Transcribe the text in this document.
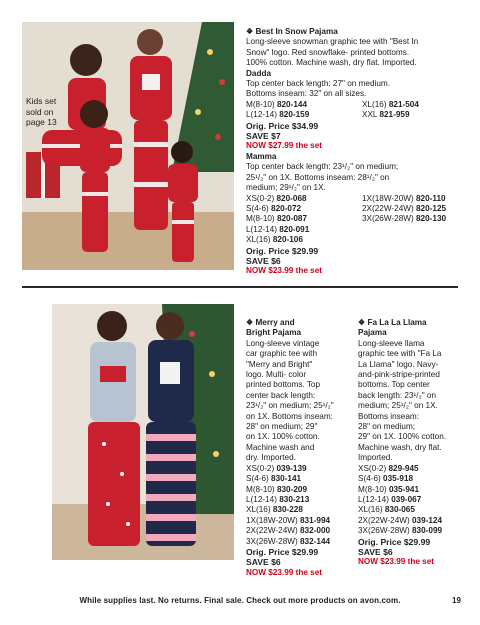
Kids set
sold on
page 13
❖ Best In Snow Pajama
Long-sleeve snowman graphic tee with "Best In
Snow" logo. Red snowflake- printed bottoms.
100% cotton. Machine wash, dry flat. Imported.
Dadda
Top center back length: 27" on medium.
Bottoms inseam: 32" on all sizes.
M(8-10) 820-144
L(12-14) 820-159
XL(16) 821-504
XXL 821-959
Orig. Price $34.99
SAVE $7
NOW $27.99 the set
Mamma
Top center back length: 23¹/₂" on medium;
25¹/₂" on 1X. Bottoms inseam: 28¹/₂" on
medium; 29¹/₂" on 1X.
XS(0-2) 820-068
S(4-6) 820-072
M(8-10) 820-087
L(12-14) 820-091
XL(16) 820-106
1X(18W-20W) 820-110
2X(22W-24W) 820-125
3X(26W-28W) 820-130
Orig. Price $29.99
SAVE $6
NOW $23.99 the set
❖ Merry and
Bright Pajama
Long-sleeve vintage
car graphic tee with
"Merry and Bright"
logo. Multi- color
printed bottoms. Top
center back length:
23¹/₂" on medium; 25¹/₂"
on 1X. Bottoms inseam:
28" on medium; 29"
on 1X. 100% cotton.
Machine wash and
dry. Imported.
XS(0-2) 039-139
S(4-6) 830-141
M(8-10) 830-209
L(12-14) 830-213
XL(16) 830-228
1X(18W-20W) 831-994
2X(22W-24W) 832-000
3X(26W-28W) 832-144
Orig. Price $29.99
SAVE $6
NOW $23.99 the set
❖ Fa La La Llama
Pajama
Long-sleeve llama
graphic tee with "Fa La
La Llama" logo. Navy-
and-pink-stripe-printed
bottoms. Top center
back length: 23¹/₂" on
medium; 25¹/₂" on 1X.
Bottoms inseam:
28" on medium;
29" on 1X. 100% cotton.
Machine wash, dry flat.
Imported.
XS(0-2) 829-945
S(4-6) 035-918
M(8-10) 035-941
L(12-14) 039-067
XL(16) 830-065
2X(22W-24W) 039-124
3X(26W-28W) 830-099
Orig. Price $29.99
SAVE $6
NOW $23.99 the set
While supplies last. No returns. Final sale. Check out more products on avon.com.	19
